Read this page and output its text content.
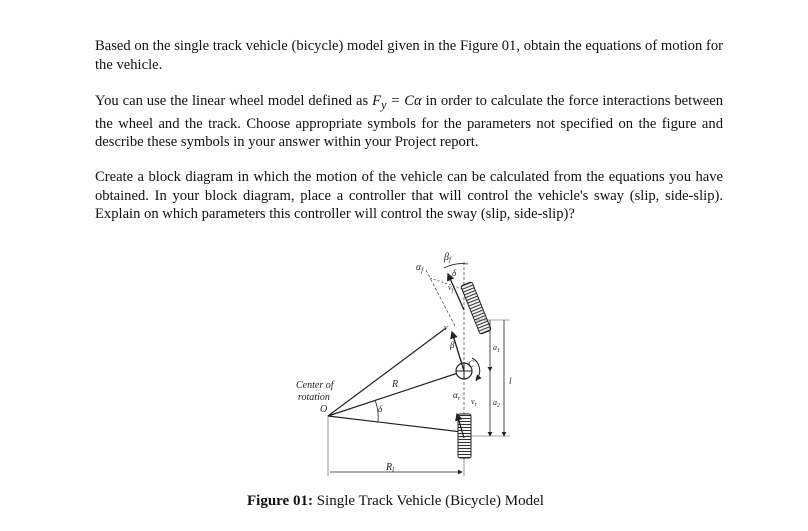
Based on the single track vehicle (bicycle) model given in the Figure 01, obtain the equations of motion for the vehicle.

You can use the linear wheel model defined as $F_y = C\alpha$ in order to calculate the force interactions between the wheel and the track. Choose appropriate symbols for the parameters not specified on the figure and describe these symbols in your answer within your Project report.

Create a block diagram in which the motion of the vehicle can be calculated from the equations you have obtained. In your block diagram, place a controller that will control the vehicle's sway (slip, side-slip). Explain on which parameters this controller will control the sway (slip, side-slip)?

Center of
rotation
O
R
δ
$R_l$
$\alpha_f$
$\beta_f$
δ
$v_f$
v
β
C
r
$\alpha_r$ $v_r$
$a_1$
$a_2$
l
Figure 01: Single Track Vehicle (Bicycle) Model
